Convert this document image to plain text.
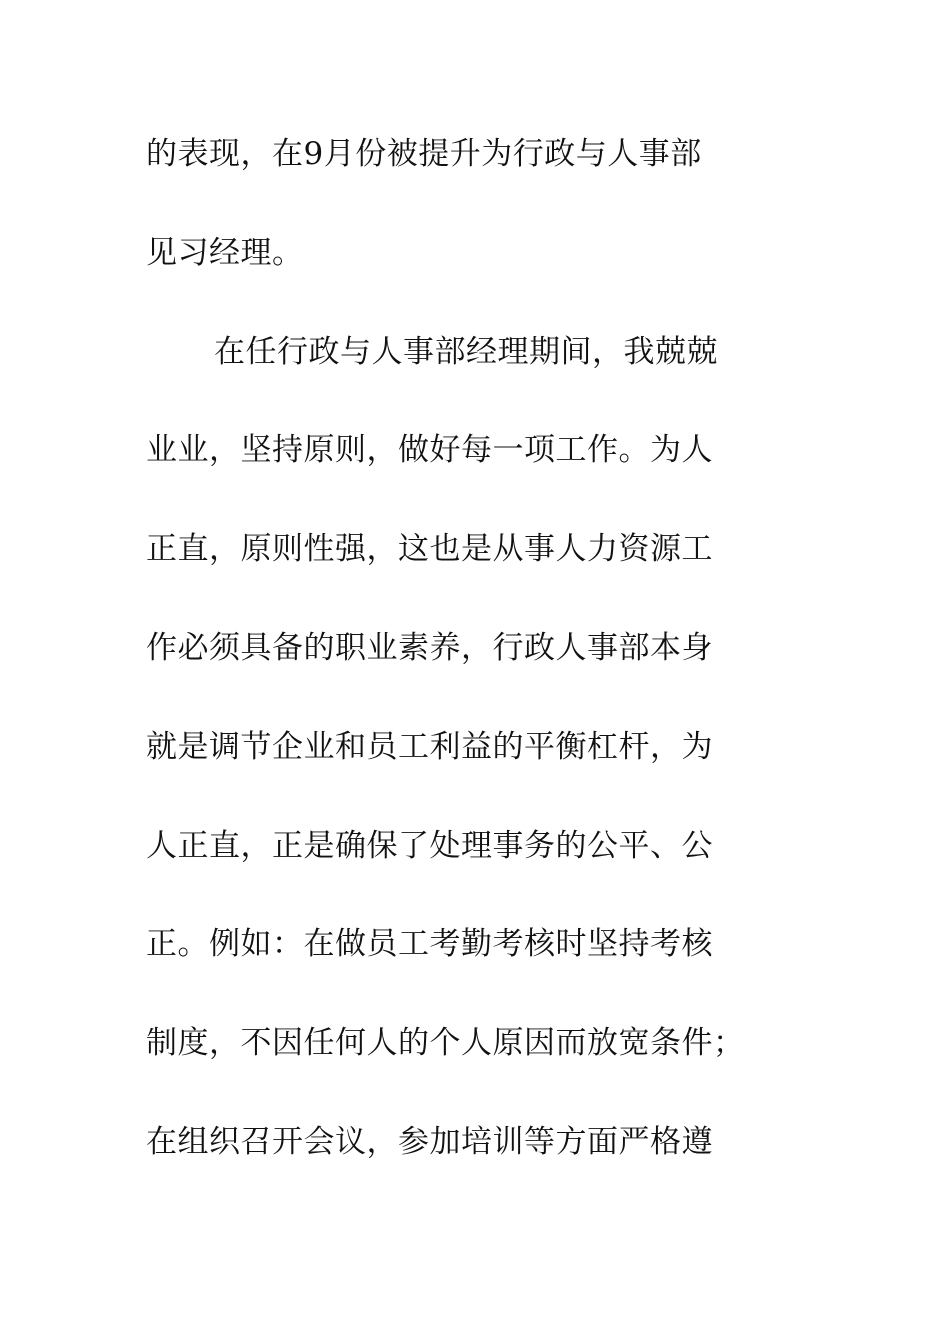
的表现，在9月份被提升为行政与人事部
见习经理。
在任行政与人事部经理期间，我兢兢
业业，坚持原则，做好每一项工作。为人
正直，原则性强，这也是从事人力资源工
作必须具备的职业素养，行政人事部本身
就是调节企业和员工利益的平衡杠杆，为
人正直，正是确保了处理事务的公平、公
正。例如：在做员工考勤考核时坚持考核
制度，不因任何人的个人原因而放宽条件；
在组织召开会议，参加培训等方面严格遵
